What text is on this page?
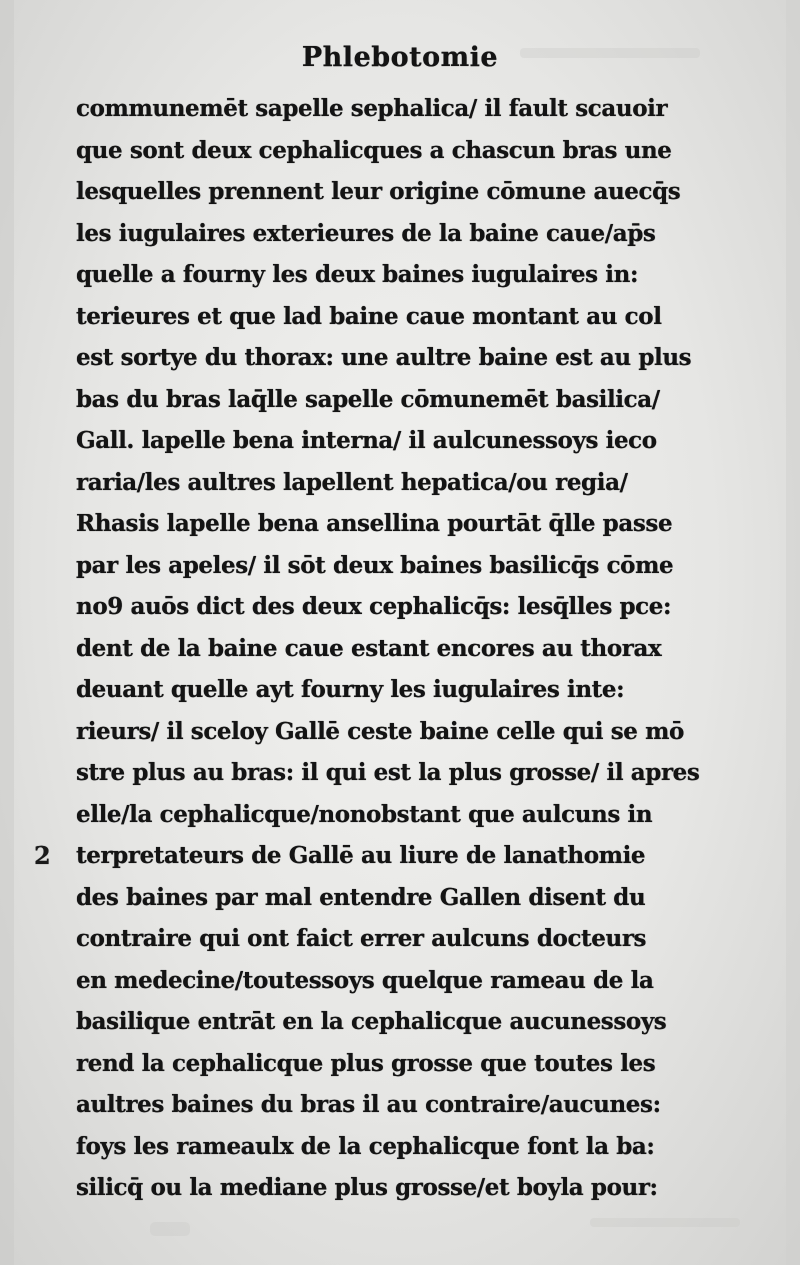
Phlebotomie
2
communemēt sapelle sephalica/ il fault scauoir
que sont deux cephalicques a chascun bras une
lesquelles prennent leur origine cōmune auecq̄s
les iugulaires exterieures de la baine caue/ap̄s
quelle a fourny les deux baines iugulaires in:
terieures et que lad baine caue montant au col
est sortye du thorax: une aultre baine est au plus
bas du bras laq̄lle sapelle cōmunemēt basilica/
Gall. lapelle bena interna/ il aulcunessoys ieco
raria/les aultres lapellent hepatica/ou regia/
Rhasis lapelle bena ansellina pourtāt q̄lle passe
par les apeles/ il sōt deux baines basilicq̄s cōme
no9 auōs dict des deux cephalicq̄s: lesq̄lles pce:
dent de la baine caue estant encores au thorax
deuant quelle ayt fourny les iugulaires inte:
rieurs/ il sceloy Gallē ceste baine celle qui se mō
stre plus au bras: il qui est la plus grosse/ il apres
elle/la cephalicque/nonobstant que aulcuns in
terpretateurs de Gallē au liure de lanathomie
des baines par mal entendre Gallen disent du
contraire qui ont faict errer aulcuns docteurs
en medecine/toutessoys quelque rameau de la
basilique entrāt en la cephalicque aucunessoys
rend la cephalicque plus grosse que toutes les
aultres baines du bras il au contraire/aucunes:
foys les rameaulx de la cephalicque font la ba:
silicq̄ ou la mediane plus grosse/et boyla pour:
